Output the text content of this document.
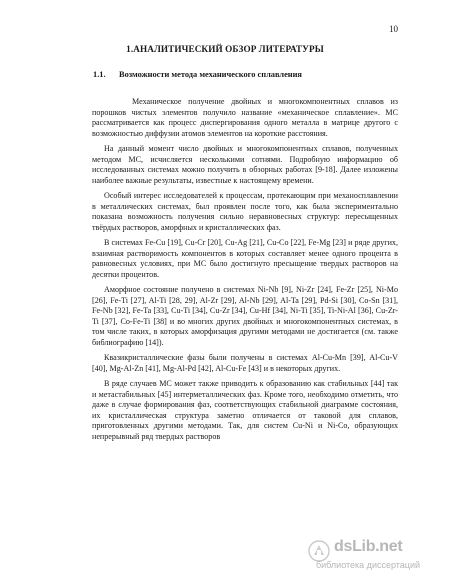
10
1.АНАЛИТИЧЕСКИЙ ОБЗОР ЛИТЕРАТУРЫ
1.1. Возможности метода механического сплавления

Механическое получение двойных и многокомпонентных сплавов из порошков чистых элементов получило название «механическое сплавление». МС рассматривается как процесс диспергирования одного металла в матрице другого с возможностью диффузии атомов элементов на короткие расстояния.

На данный момент число двойных и многокомпонентных сплавов, полученных методом МС, исчисляется несколькими сотнями. Подробную информацию об исследованных системах можно получить в обзорных работах [9-18]. Далее изложены наиболее важные результаты, известные к настоящему времени.

Особый интерес исследователей к процессам, протекающим при механосплавлении в металлических системах, был проявлен после того, как была экспериментально показана возможность получения сильно неравновесных структур: пересыщенных твёрдых растворов, аморфных и кристаллических фаз.

В системах Fe-Cu [19], Cu-Cr [20], Cu-Ag [21], Cu-Co [22], Fe-Mg [23] и ряде других, взаимная растворимость компонентов в которых составляет менее одного процента в равновесных условиях, при МС было достигнуто пресыщение твердых растворов на десятки процентов.

Аморфное состояние получено в системах Ni-Nb [9], Ni-Zr [24], Fe-Zr [25], Ni-Mo [26], Fe-Ti [27], Al-Ti [28, 29], Al-Zr [29], Al-Nb [29], Al-Ta [29], Pd-Si [30], Co-Sn [31], Fe-Nb [32], Fe-Ta [33], Cu-Ti [34], Cu-Zr [34], Cu-Hf [34], Ni-Ti [35], Ti-Ni-Al [36], Cu-Zr-Ti [37], Co-Fe-Ti [38] и во многих других двойных и многокомпонентных системах, в том числе таких, в которых аморфизация другими методами не достигается (см. также библиографию [14]).

Квазикристаллические фазы были получены в системах Al-Cu-Mn [39], Al-Cu-V [40], Mg-Al-Zn [41], Mg-Al-Pd [42], Al-Cu-Fe [43] и в некоторых других.

В ряде случаев МС может также приводить к образованию как стабильных [44] так и метастабильных [45] интерметаллических фаз. Кроме того, необходимо отметить, что даже в случае формирования фаз, соответствующих стабильной диаграмме состояния, их кристаллическая структура заметно отличается от таковой для сплавов, приготовленных другими методами. Так, для систем Cu-Ni и Ni-Co, образующих непрерывный ряд твердых растворов

dsLib.net
библиотека диссертаций
